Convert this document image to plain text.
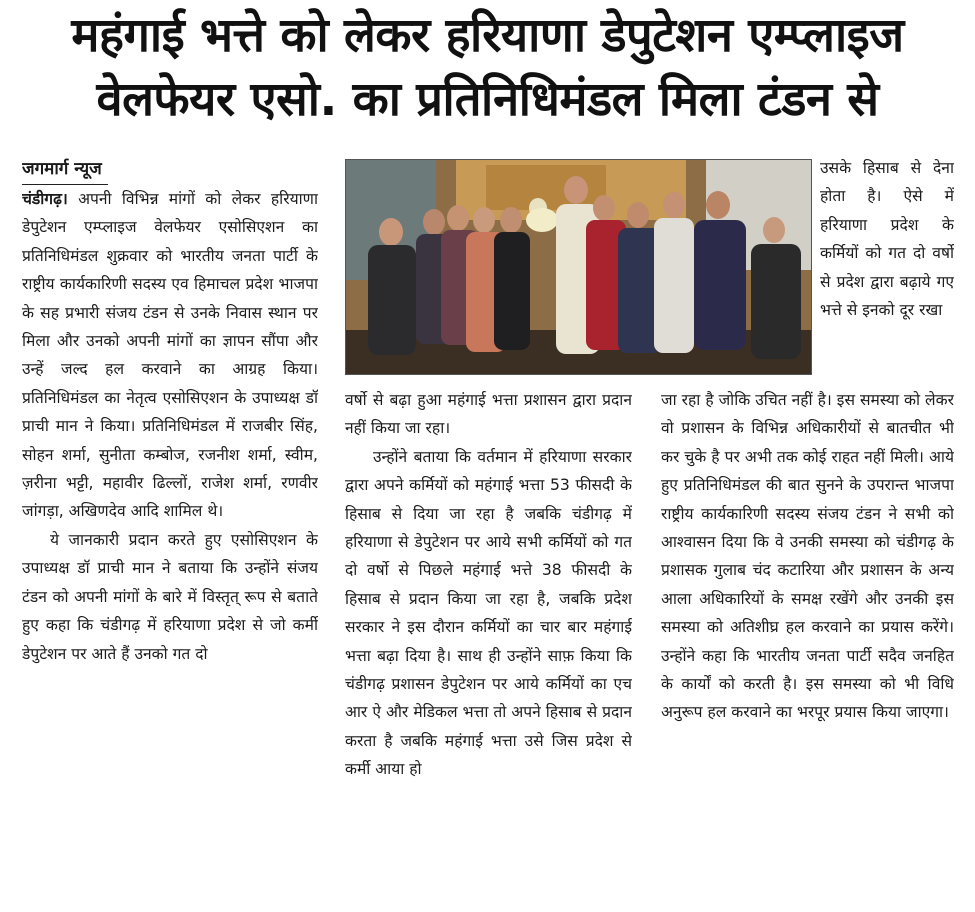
महंगाई भत्ते को लेकर हरियाणा डेपुटेशन एम्प्लाइज
वेलफेयर एसो. का प्रतिनिधिमंडल मिला टंडन से
जगमार्ग न्यूज

चंडीगढ़। अपनी विभिन्न मांगों को लेकर हरियाणा डेपुटेशन एम्प्लाइज वेलफेयर एसोसिएशन का प्रतिनिधिमंडल शुक्रवार को भारतीय जनता पार्टी के राष्ट्रीय कार्यकारिणी सदस्य एव हिमाचल प्रदेश भाजपा के सह प्रभारी संजय टंडन से उनके निवास स्थान पर मिला और उनको अपनी मांगों का ज्ञापन सौंपा और उन्हें जल्द हल करवाने का आग्रह किया। प्रतिनिधिमंडल का नेतृत्व एसोसिएशन के उपाध्यक्ष डॉ प्राची मान ने किया। प्रतिनिधिमंडल में राजबीर सिंह, सोहन शर्मा, सुनीता कम्बोज, रजनीश शर्मा, स्वीम, ज़रीना भट्टी, महावीर ढिल्लों, राजेश शर्मा, रणवीर जांगड़ा, अखिणदेव आदि शामिल थे।

ये जानकारी प्रदान करते हुए एसोसिएशन के उपाध्यक्ष डॉ प्राची मान ने बताया कि उन्होंने संजय टंडन को अपनी मांगों के बारे में विस्तृत् रूप से बताते हुए कहा कि चंडीगढ़ में हरियाणा प्रदेश से जो कर्मी डेपुटेशन पर आते हैं उनको गत दो

वर्षो से बढ़ा हुआ महंगाई भत्ता प्रशासन द्वारा प्रदान नहीं किया जा रहा।

उन्होंने बताया कि वर्तमान में हरियाणा सरकार द्वारा अपने कर्मियों को महंगाई भत्ता 53 फीसदी के हिसाब से दिया जा रहा है जबकि चंडीगढ़ में हरियाणा से डेपुटेशन पर आये सभी कर्मियों को गत दो वर्षो से पिछले महंगाई भत्ते 38 फीसदी के हिसाब से प्रदान किया जा रहा है, जबकि प्रदेश सरकार ने इस दौरान कर्मियों का चार बार महंगाई भत्ता बढ़ा दिया है। साथ ही उन्होंने साफ़ किया कि चंडीगढ़ प्रशासन डेपुटेशन पर आये कर्मियों का एच आर ऐ और मेडिकल भत्ता तो अपने हिसाब से प्रदान करता है जबकि महंगाई भत्ता उसे जिस प्रदेश से कर्मी आया हो

उसके हिसाब से देना होता है। ऐसे में हरियाणा प्रदेश के कर्मियों को गत दो वर्षो से प्रदेश द्वारा बढ़ाये गए भत्ते से इनको दूर रखा

जा रहा है जोकि उचित नहीं है। इस समस्या को लेकर वो प्रशासन के विभिन्न अधिकारीयों से बातचीत भी कर चुके है पर अभी तक कोई राहत नहीं मिली। आये हुए प्रतिनिधिमंडल की बात सुनने के उपरान्त भाजपा राष्ट्रीय कार्यकारिणी सदस्य संजय टंडन ने सभी को आश्वासन दिया कि वे उनकी समस्या को चंडीगढ़ के प्रशासक गुलाब चंद कटारिया और प्रशासन के अन्य आला अधिकारियों के समक्ष रखेंगे और उनकी इस समस्या को अतिशीघ्र हल करवाने का प्रयास करेंगे। उन्होंने कहा कि भारतीय जनता पार्टी सदैव जनहित के कार्यों को करती है। इस समस्या को भी विधि अनुरूप हल करवाने का भरपूर प्रयास किया जाएगा।
